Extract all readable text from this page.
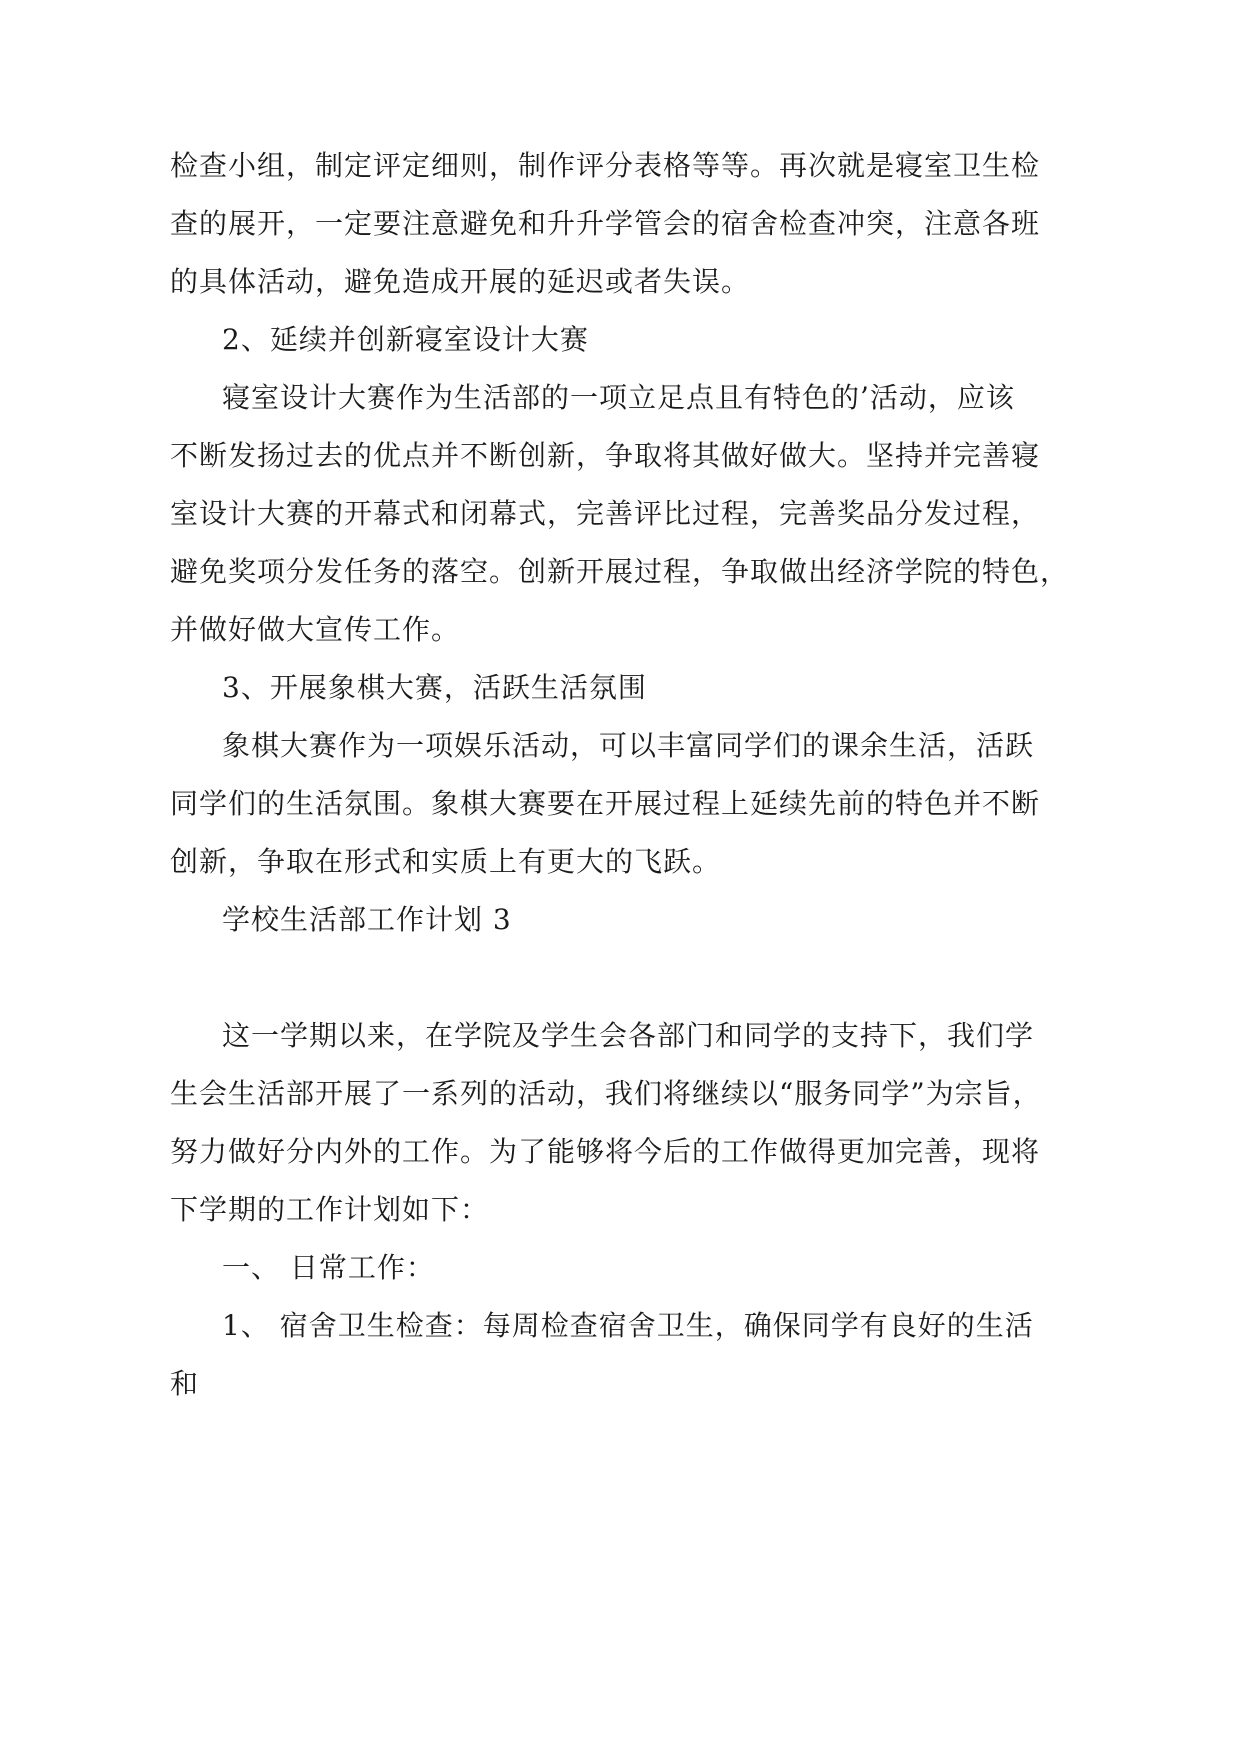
检查小组，制定评定细则，制作评分表格等等。再次就是寝室卫生检
查的展开，一定要注意避免和升升学管会的宿舍检查冲突，注意各班
的具体活动，避免造成开展的延迟或者失误。
2、延续并创新寝室设计大赛
寝室设计大赛作为生活部的一项立足点且有特色的’活动，应该
不断发扬过去的优点并不断创新，争取将其做好做大。坚持并完善寝
室设计大赛的开幕式和闭幕式，完善评比过程，完善奖品分发过程，
避免奖项分发任务的落空。创新开展过程，争取做出经济学院的特色，
并做好做大宣传工作。
3、开展象棋大赛，活跃生活氛围
象棋大赛作为一项娱乐活动，可以丰富同学们的课余生活，活跃
同学们的生活氛围。象棋大赛要在开展过程上延续先前的特色并不断
创新，争取在形式和实质上有更大的飞跃。
学校生活部工作计划 3
这一学期以来，在学院及学生会各部门和同学的支持下，我们学
生会生活部开展了一系列的活动，我们将继续以“服务同学”为宗旨，
努力做好分内外的工作。为了能够将今后的工作做得更加完善，现将
下学期的工作计划如下：
一、 日常工作：
1、 宿舍卫生检查：每周检查宿舍卫生，确保同学有良好的生活
和
